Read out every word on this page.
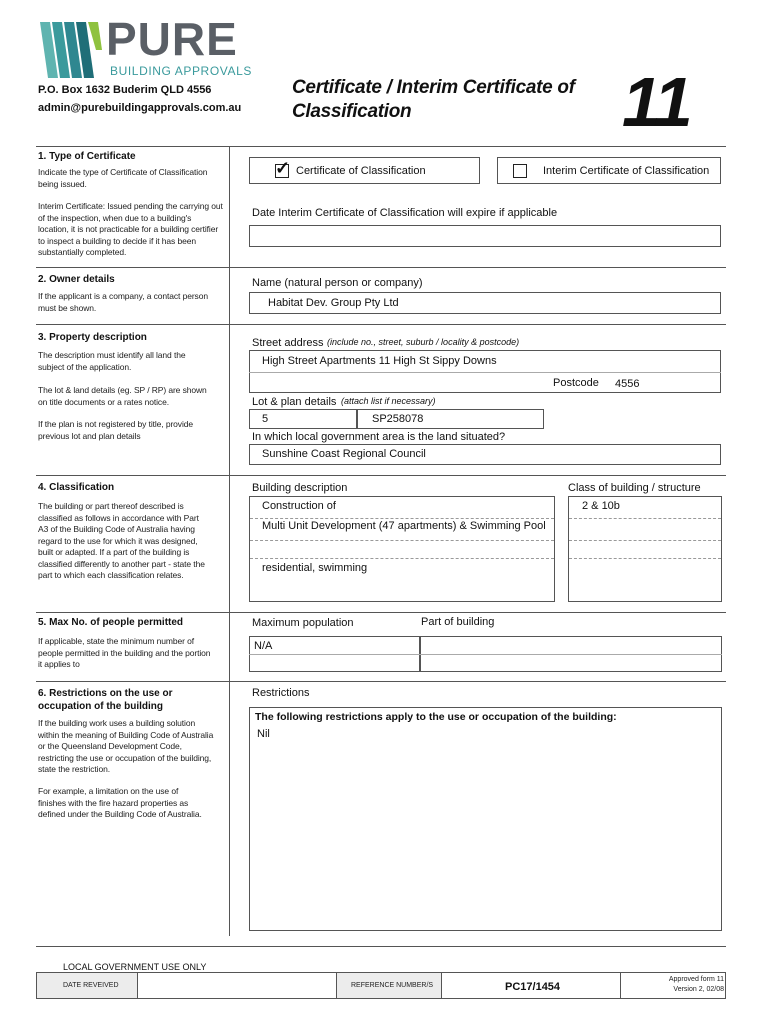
PURE
BUILDING APPROVALS
P.O. Box 1632 Buderim QLD 4556
admin@purebuildingapprovals.com.au
Certificate / Interim Certificate of Classification	11
1. Type of Certificate
Indicate the type of Certificate of Classification being issued.
Interim Certificate: Issued pending the carrying out of the inspection, when due to a building's location, it is not practicable for a building certifier to inspect a building to decide if it has been substantially completed.
✓ Certificate of Classification	Interim Certificate of Classification
Date Interim Certificate of Classification will expire if applicable
2. Owner details
If the applicant is a company, a contact person must be shown.
Name (natural person or company)
Habitat Dev. Group Pty Ltd
3. Property description
The description must identify all land the subject of the application.
The lot & land details (eg. SP / RP) are shown on title documents or a rates notice.
If the plan is not registered by title, provide previous lot and plan details
Street address (include no., street, suburb / locality & postcode)
High Street Apartments 11 High St Sippy Downs
Postcode 4556
Lot & plan details (attach list if necessary)
5	SP258078
In which local government area is the land situated?
Sunshine Coast Regional Council
4. Classification
The building or part thereof described is classified as follows in accordance with Part A3 of the Building Code of Australia having regard to the use for which it was designed, built or adapted. If a part of the building is classified differently to another part - state the part to which each classification relates.
Building description	Class of building / structure
Construction of
Multi Unit Development (47 apartments) & Swimming Pool
residential, swimming
2 & 10b
5. Max No. of people permitted
If applicable, state the minimum number of people permitted in the building and the portion it applies to
Maximum population	Part of building
N/A
6. Restrictions on the use or occupation of the building
If the building work uses a building solution within the meaning of Building Code of Australia or the Queensland Development Code, restricting the use or occupation of the building, state the restriction.
For example, a limitation on the use of finishes with the fire hazard properties as defined under the Building Code of Australia.
Restrictions
The following restrictions apply to the use or occupation of the building:
Nil
LOCAL GOVERNMENT USE ONLY
DATE REVEIVED	REFERENCE NUMBER/S	PC17/1454
Approved form 11
Version 2, 02/08
